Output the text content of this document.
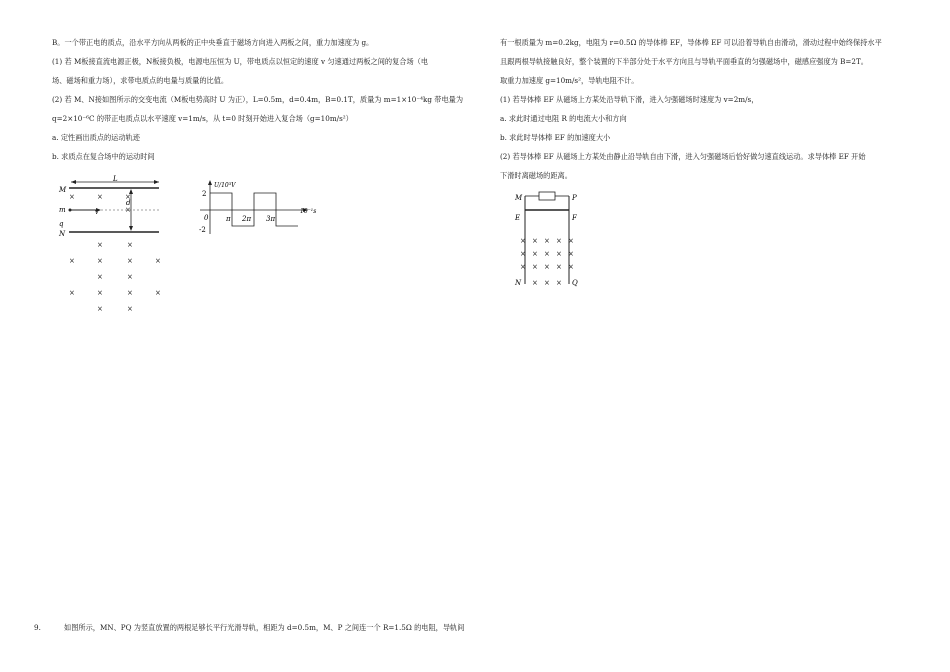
B。一个带正电的质点，沿水平方向从两板的正中央垂直于磁场方向进入两板之间，重力加速度为 g。
(1) 若 M板接直流电源正极，N板接负极，电源电压恒为 U，带电质点以恒定的速度 v 匀速通过两板之间的复合场（电
场、磁场和重力场），求带电质点的电量与质量的比值。
(2) 若 M、N接如图所示的交变电流（M板电势高时 U 为正），L=0.5m，d=0.4m，B=0.1T，质量为 m=1×10⁻⁴kg 带电量为
q=2×10⁻⁶C 的带正电质点以水平速度 v=1m/s，从 t=0 时刻开始进入复合场（g=10m/s²）
a. 定性画出质点的运动轨迹
b. 求质点在复合场中的运动时间
L
M
N
m	v
q
d
×	×	×
×
×	×
×	×	×	×
×	×
×	×	×	×
×	×
U/10³V
10⁻¹s
2
-2
0	π 2π 3π
有一根质量为 m=0.2kg，电阻为 r=0.5Ω 的导体棒 EF，导体棒 EF 可以沿着导轨自由滑动，滑动过程中始终保持水平
且跟两根导轨接触良好，整个装置的下半部分处于水平方向且与导轨平面垂直的匀强磁场中，磁感应强度为 B=2T。
取重力加速度 g=10m/s²，导轨电阻不计。
(1) 若导体棒 EF 从磁场上方某处沿导轨下滑，进入匀强磁场时速度为 v=2m/s，
a. 求此时通过电阻 R 的电流大小和方向
b. 求此时导体棒 EF 的加速度大小
(2) 若导体棒 EF 从磁场上方某处由静止沿导轨自由下滑，进入匀强磁场后恰好做匀速直线运动。求导体棒 EF 开始
下滑时离磁场的距离。
M	P
E	F
N	Q
× × × × ×
× × × × ×
× × × × ×
× × ×
9.	如图所示，MN、PQ 为竖直放置的两根足够长平行光滑导轨，相距为 d=0.5m，M、P 之间连一个 R=1.5Ω 的电阻，导轨间
